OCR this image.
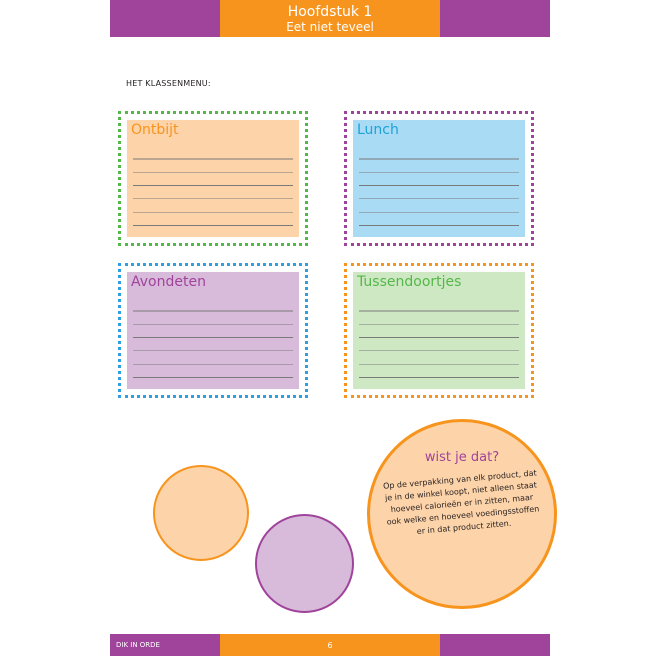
Hoofdstuk 1
Eet niet teveel
HET KLASSENMENU:
Ontbijt	Lunch
Avondeten	Tussendoortjes
wist je dat?
Op de verpakking van elk product, dat je in de winkel koopt, niet alleen staat hoeveel calorieën er in zitten, maar ook welke en hoeveel voedingsstoffen er in dat product zitten.
DIK IN ORDE	6
